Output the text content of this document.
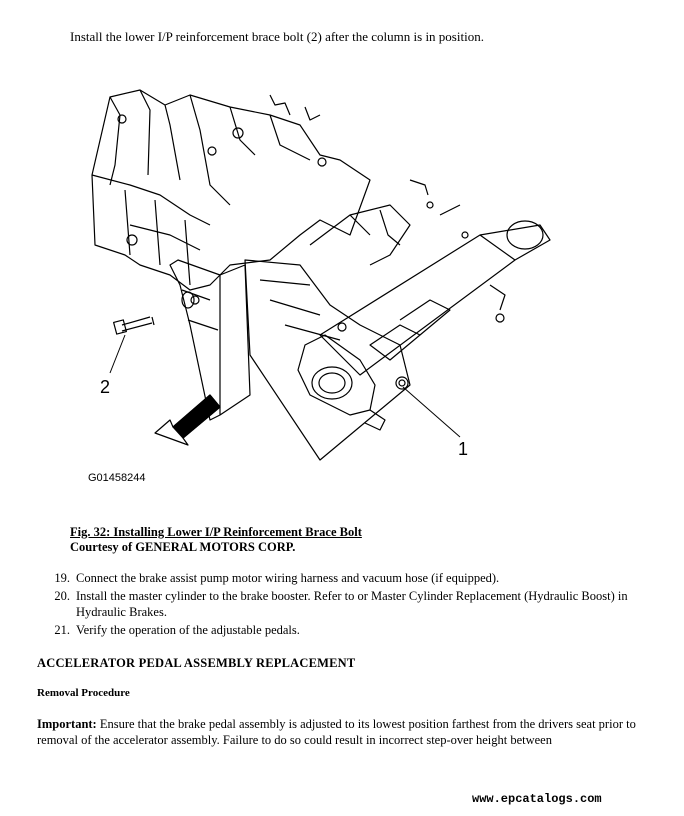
Install the lower I/P reinforcement brace bolt (2) after the column is in position.
2
1
G01458244
Fig. 32: Installing Lower I/P Reinforcement Brace Bolt
Courtesy of GENERAL MOTORS CORP.
19. Connect the brake assist pump motor wiring harness and vacuum hose (if equipped).
20. Install the master cylinder to the brake booster. Refer to or Master Cylinder Replacement (Hydraulic Boost) in Hydraulic Brakes.
21. Verify the operation of the adjustable pedals.
ACCELERATOR PEDAL ASSEMBLY REPLACEMENT
Removal Procedure
Important: Ensure that the brake pedal assembly is adjusted to its lowest position farthest from the drivers seat prior to removal of the accelerator assembly. Failure to do so could result in incorrect step-over height between
www.epcatalogs.com
